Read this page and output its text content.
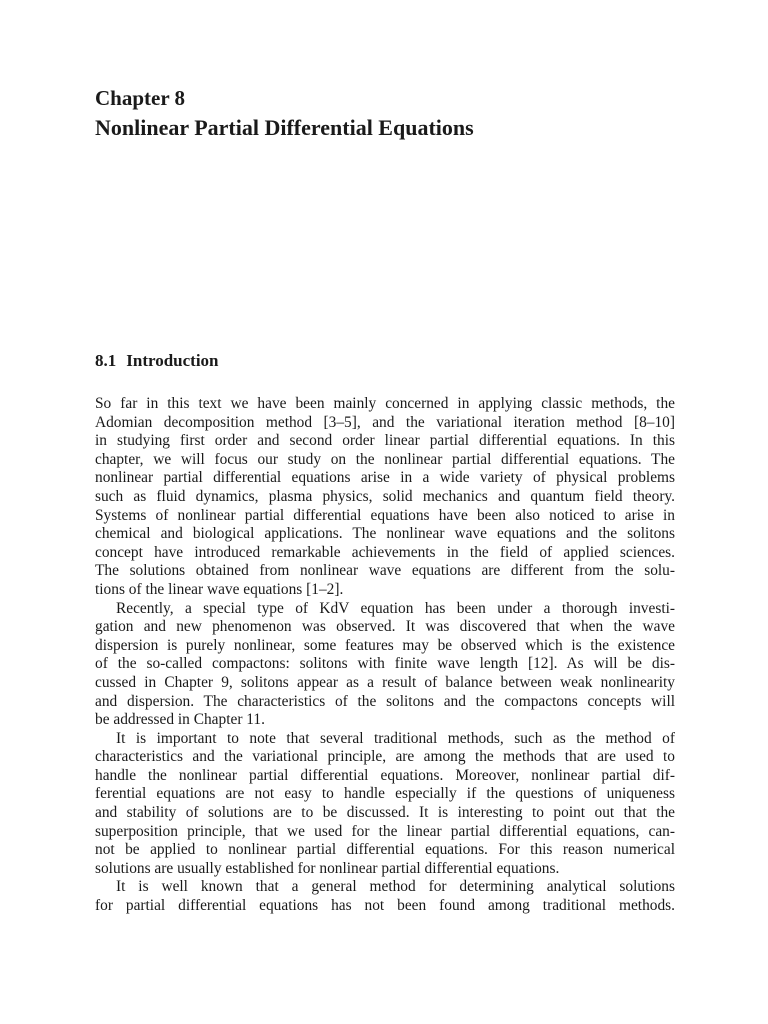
Chapter 8
Nonlinear Partial Differential Equations
8.1 Introduction
So far in this text we have been mainly concerned in applying classic methods, the
Adomian decomposition method [3–5], and the variational iteration method [8–10]
in studying first order and second order linear partial differential equations. In this
chapter, we will focus our study on the nonlinear partial differential equations. The
nonlinear partial differential equations arise in a wide variety of physical problems
such as fluid dynamics, plasma physics, solid mechanics and quantum field theory.
Systems of nonlinear partial differential equations have been also noticed to arise in
chemical and biological applications. The nonlinear wave equations and the solitons
concept have introduced remarkable achievements in the field of applied sciences.
The solutions obtained from nonlinear wave equations are different from the solu-
tions of the linear wave equations [1–2].
Recently, a special type of KdV equation has been under a thorough investi-
gation and new phenomenon was observed. It was discovered that when the wave
dispersion is purely nonlinear, some features may be observed which is the existence
of the so-called compactons: solitons with finite wave length [12]. As will be dis-
cussed in Chapter 9, solitons appear as a result of balance between weak nonlinearity
and dispersion. The characteristics of the solitons and the compactons concepts will
be addressed in Chapter 11.
It is important to note that several traditional methods, such as the method of
characteristics and the variational principle, are among the methods that are used to
handle the nonlinear partial differential equations. Moreover, nonlinear partial dif-
ferential equations are not easy to handle especially if the questions of uniqueness
and stability of solutions are to be discussed. It is interesting to point out that the
superposition principle, that we used for the linear partial differential equations, can-
not be applied to nonlinear partial differential equations. For this reason numerical
solutions are usually established for nonlinear partial differential equations.
It is well known that a general method for determining analytical solutions
for partial differential equations has not been found among traditional methods.
